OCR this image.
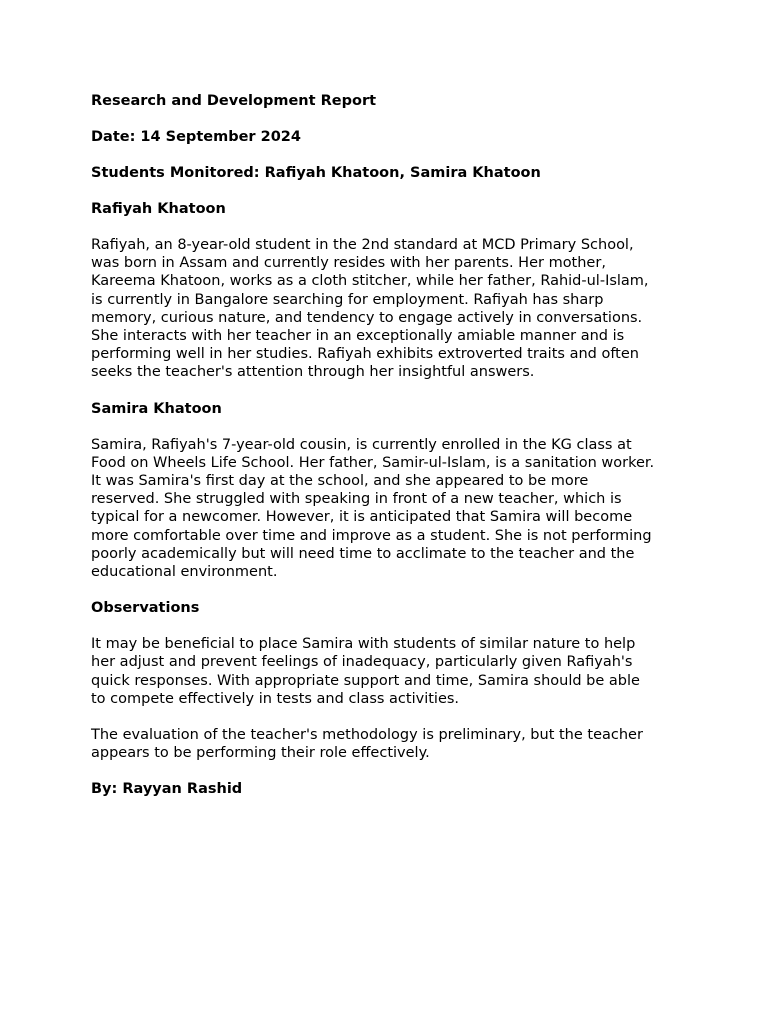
Research and Development Report
Date: 14 September 2024
Students Monitored: Rafiyah Khatoon, Samira Khatoon
Rafiyah Khatoon
Rafiyah, an 8-year-old student in the 2nd standard at MCD Primary School,
was born in Assam and currently resides with her parents. Her mother,
Kareema Khatoon, works as a cloth stitcher, while her father, Rahid-ul-Islam,
is currently in Bangalore searching for employment. Rafiyah has sharp
memory, curious nature, and tendency to engage actively in conversations.
She interacts with her teacher in an exceptionally amiable manner and is
performing well in her studies. Rafiyah exhibits extroverted traits and often
seeks the teacher's attention through her insightful answers.
Samira Khatoon
Samira, Rafiyah's 7-year-old cousin, is currently enrolled in the KG class at
Food on Wheels Life School. Her father, Samir-ul-Islam, is a sanitation worker.
It was Samira's first day at the school, and she appeared to be more
reserved. She struggled with speaking in front of a new teacher, which is
typical for a newcomer. However, it is anticipated that Samira will become
more comfortable over time and improve as a student. She is not performing
poorly academically but will need time to acclimate to the teacher and the
educational environment.
Observations
It may be beneficial to place Samira with students of similar nature to help
her adjust and prevent feelings of inadequacy, particularly given Rafiyah's
quick responses. With appropriate support and time, Samira should be able
to compete effectively in tests and class activities.
The evaluation of the teacher's methodology is preliminary, but the teacher
appears to be performing their role effectively.
By: Rayyan Rashid
